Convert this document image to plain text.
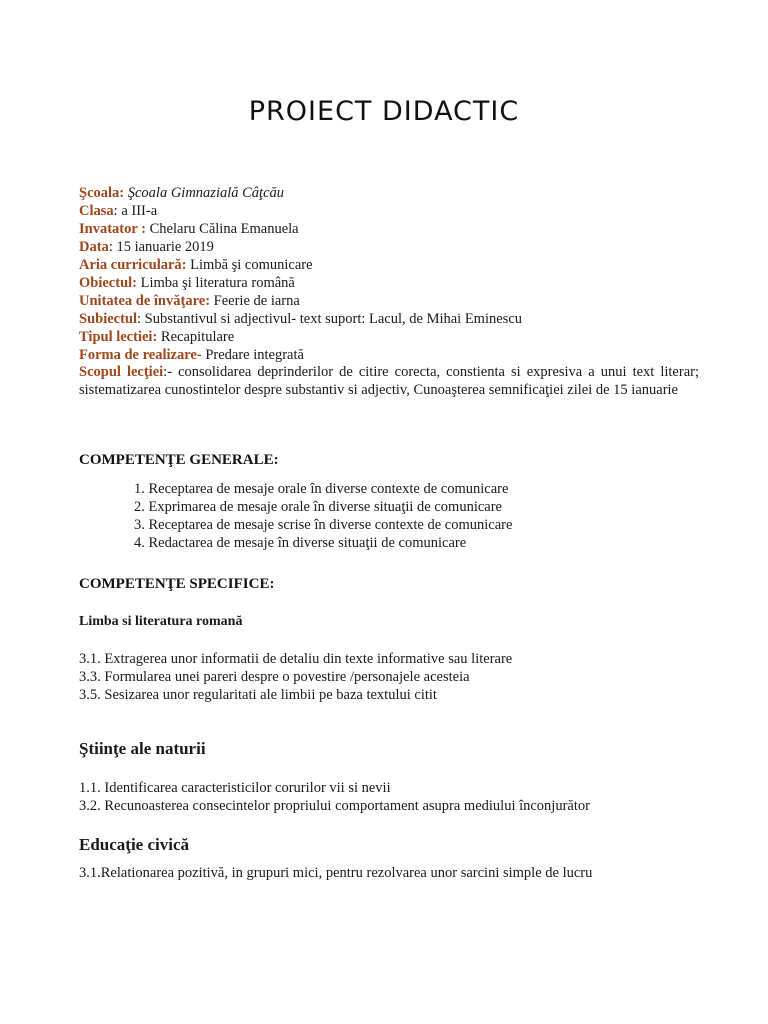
PROIECT DIDACTIC
Şcoala: Şcoala Gimnazială Câţcău
Clasa: a III-a
Invatator : Chelaru Călina Emanuela
Data: 15 ianuarie 2019
Aria curriculară: Limbă şi comunicare
Obiectul: Limba şi literatura română
Unitatea de învăţare: Feerie de iarna
Subiectul: Substantivul si adjectivul- text suport: Lacul, de Mihai Eminescu
Tipul lectiei: Recapitulare
Forma de realizare- Predare integrată
Scopul lecţiei:- consolidarea deprinderilor de citire corecta, constienta si expresiva a unui text literar; sistematizarea cunostintelor despre substantiv si adjectiv, Cunoaşterea semnificaţiei zilei de 15 ianuarie
COMPETENŢE GENERALE:
1. Receptarea de mesaje orale în diverse contexte de comunicare
2. Exprimarea de mesaje orale în diverse situaţii de comunicare
3. Receptarea de mesaje scrise în diverse contexte de comunicare
4. Redactarea de mesaje în diverse situaţii de comunicare
COMPETENŢE SPECIFICE:
Limba si literatura romană
3.1. Extragerea unor informatii de detaliu din texte informative sau literare
3.3. Formularea unei pareri despre o povestire /personajele acesteia
3.5. Sesizarea unor regularitati ale limbii pe baza textului citit
Ştiinţe ale naturii
1.1. Identificarea caracteristicilor corurilor vii si nevii
3.2. Recunoasterea consecintelor propriului comportament asupra mediului înconjurător
Educaţie civică
3.1.Relationarea pozitivă, in grupuri mici, pentru rezolvarea unor sarcini simple de lucru
